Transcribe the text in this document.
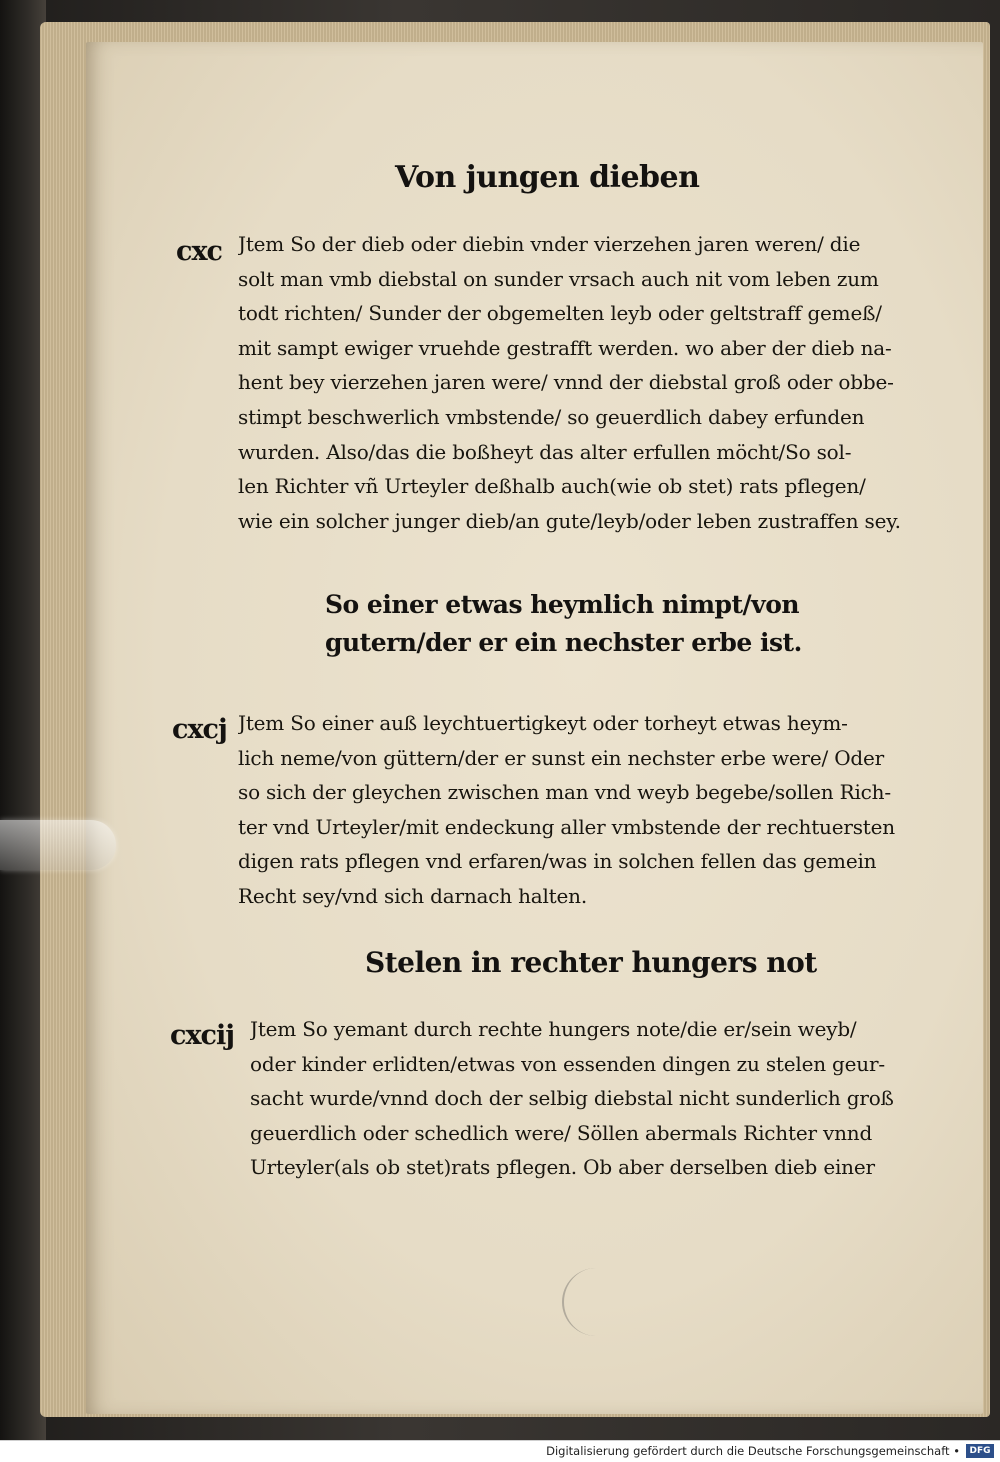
Von jungen dieben
cxc Jtem So der dieb oder diebin vnder vierzehen jaren weren/ die
solt man vmb diebstal on sunder vrsach auch nit vom leben zum
todt richten/ Sunder der obgemelten leyb oder geltstraff gemeß/
mit sampt ewiger vruehde gestrafft werden. wo aber der dieb na-
hent bey vierzehen jaren were/ vnnd der diebstal groß oder obbe-
stimpt beschwerlich vmbstende/ so geuerdlich dabey erfunden
wurden. Also/das die boßheyt das alter erfullen möcht/So sol-
len Richter vñ Urteyler deßhalb auch(wie ob stet) rats pflegen/
wie ein solcher junger dieb/an gute/leyb/oder leben zustraffen sey.
So einer etwas heymlich nimpt/von
gutern/der er ein nechster erbe ist.
cxcj Jtem So einer auß leychtuertigkeyt oder torheyt etwas heym-
lich neme/von güttern/der er sunst ein nechster erbe were/ Oder
so sich der gleychen zwischen man vnd weyb begebe/sollen Rich-
ter vnd Urteyler/mit endeckung aller vmbstende der rechtuersten
digen rats pflegen vnd erfaren/was in solchen fellen das gemein
Recht sey/vnd sich darnach halten.
Stelen in rechter hungers not
cxcij Jtem So yemant durch rechte hungers note/die er/sein weyb/
oder kinder erlidten/etwas von essenden dingen zu stelen geur-
sacht wurde/vnnd doch der selbig diebstal nicht sunderlich groß
geuerdlich oder schedlich were/ Söllen abermals Richter vnnd
Urteyler(als ob stet)rats pflegen. Ob aber derselben dieb einer
Digitalisierung gefördert durch die Deutsche Forschungsgemeinschaft •	DFG
